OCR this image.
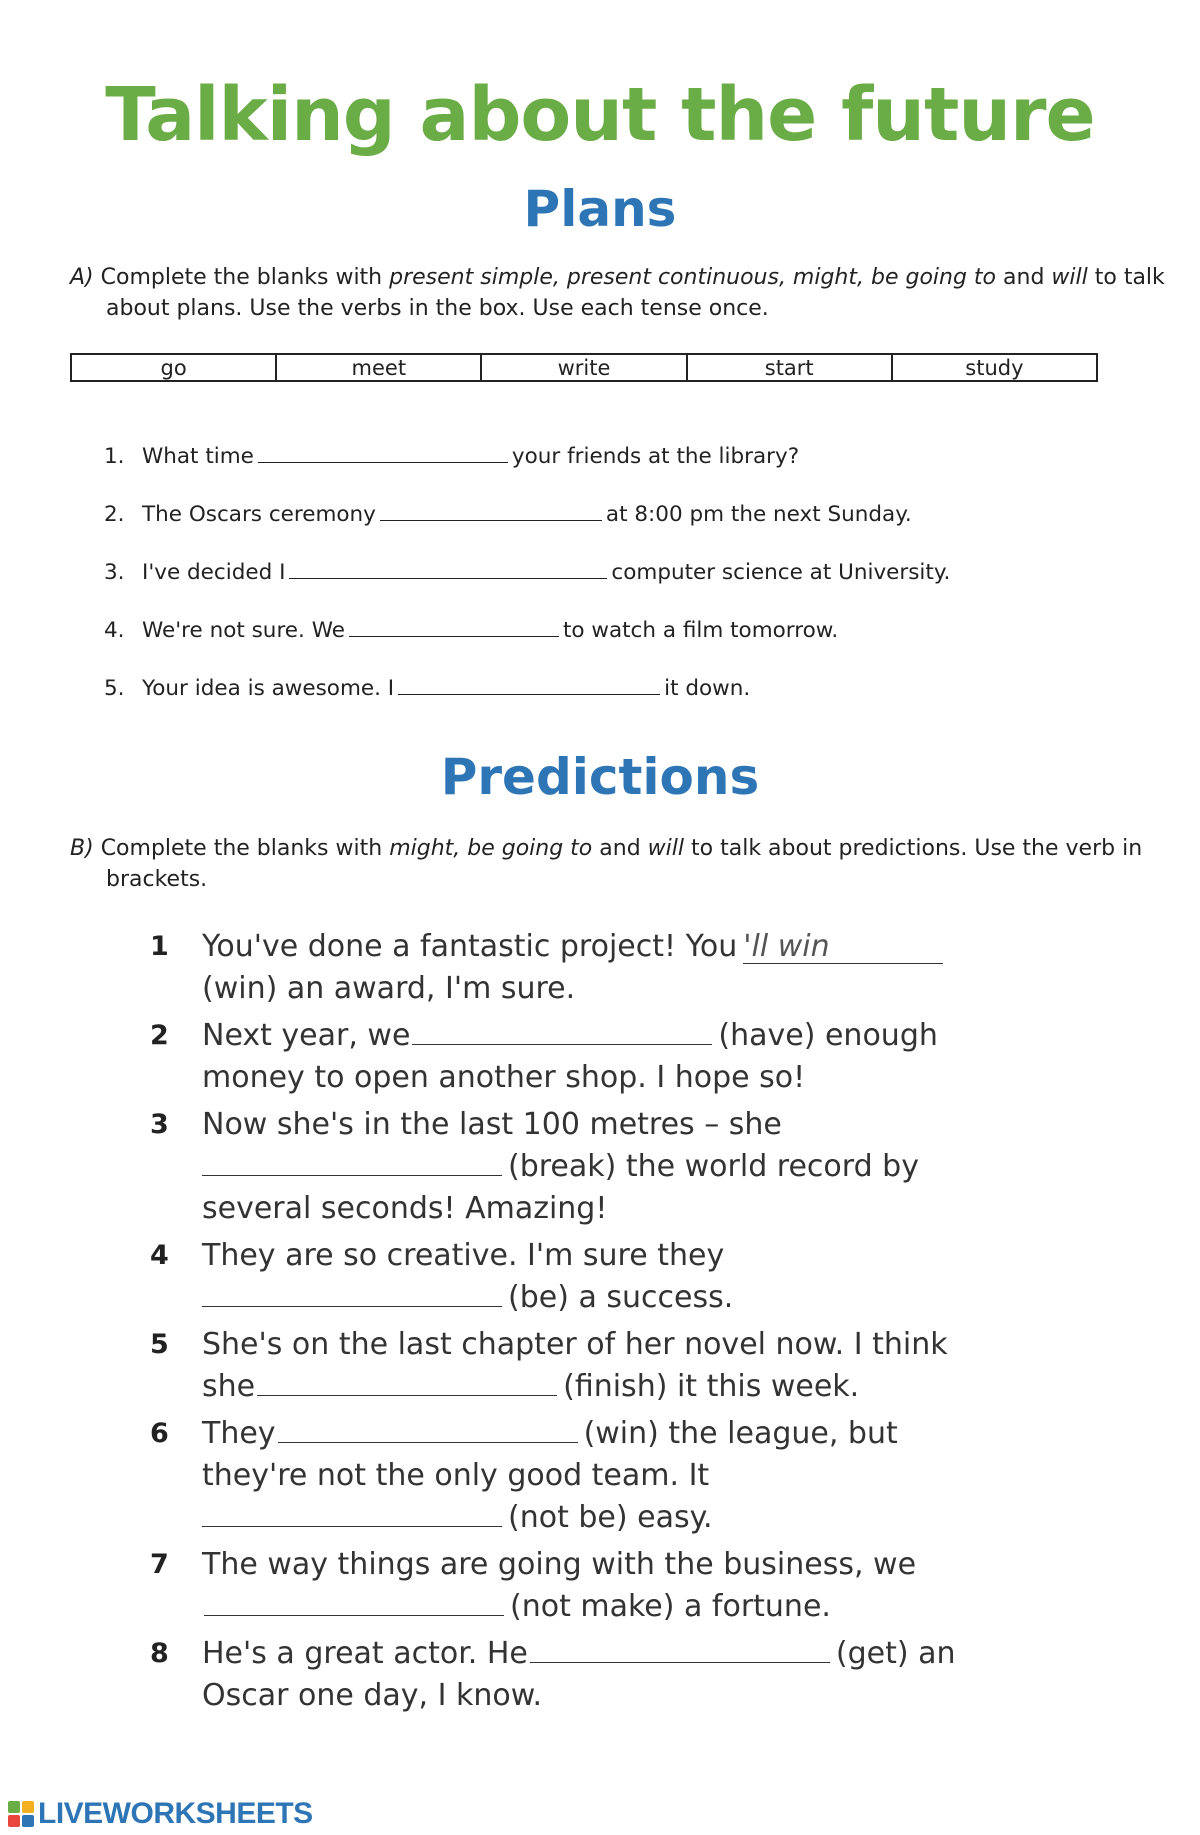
Talking about the future
Plans

A) Complete the blanks with present simple, present continuous, might, be going to and will to talk about plans. Use the verbs in the box. Use each tense once.

go	meet	write	start	study
1. What time	your friends at the library?
2. The Oscars ceremony	at 8:00 pm the next Sunday.
3. I've decided I	computer science at University.
4. We're not sure. We	to watch a film tomorrow.
5. Your idea is awesome. I	it down.
Predictions

B) Complete the blanks with might, be going to and will to talk about predictions. Use the verb in brackets.

1 You've done a fantastic project! You 'll win
(win) an award, I'm sure.
2 Next year, we	(have) enough money to open another shop. I hope so!
3 Now she's in the last 100 metres – she
(break) the world record by several seconds! Amazing!
4 They are so creative. I'm sure they
(be) a success.
5 She's on the last chapter of her novel now. I think she	(finish) it this week.
6 They	(win) the league, but they're not the only good team. It
(not be) easy.
7 The way things are going with the business, we(not make) a fortune.
8 He's a great actor. He	(get) an Oscar one day, I know.
LIVEWORKSHEETS
